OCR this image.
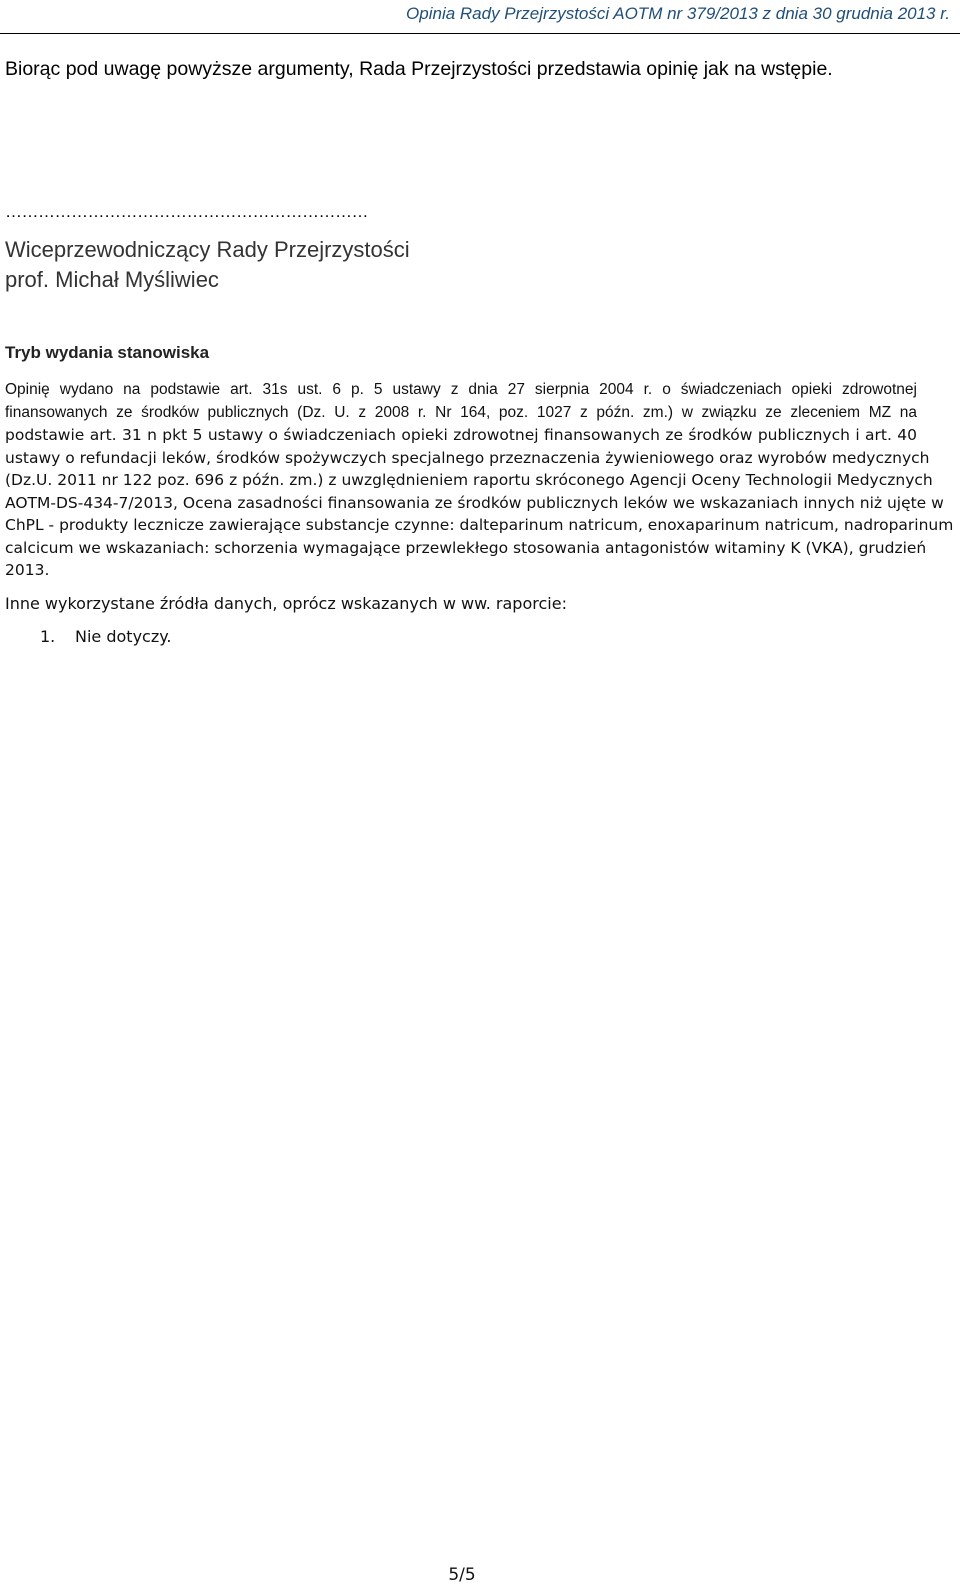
Opinia Rady Przejrzystości AOTM nr 379/2013 z dnia 30 grudnia 2013 r.
Biorąc pod uwagę powyższe argumenty, Rada Przejrzystości przedstawia opinię jak na wstępie.
…………………………………………………………
Wiceprzewodniczący Rady Przejrzystości
prof. Michał Myśliwiec
Tryb wydania stanowiska
Opinię wydano na podstawie art. 31s ust. 6 p. 5 ustawy z dnia 27 sierpnia 2004 r. o świadczeniach opieki zdrowotnej
finansowanych ze środków publicznych (Dz. U. z 2008 r. Nr 164, poz. 1027 z późn. zm.) w związku ze zleceniem MZ na
podstawie art. 31 n pkt 5 ustawy o świadczeniach opieki zdrowotnej finansowanych ze środków publicznych i art. 40
ustawy o refundacji leków, środków spożywczych specjalnego przeznaczenia żywieniowego oraz wyrobów medycznych
(Dz.U. 2011 nr 122 poz. 696 z późn. zm.) z uwzględnieniem raportu skróconego Agencji Oceny Technologii Medycznych
AOTM-DS-434-7/2013, Ocena zasadności finansowania ze środków publicznych leków we wskazaniach innych niż ujęte w
ChPL - produkty lecznicze zawierające substancje czynne: dalteparinum natricum, enoxaparinum natricum, nadroparinum
calcicum we wskazaniach: schorzenia wymagające przewlekłego stosowania antagonistów witaminy K (VKA), grudzień
2013.
Inne wykorzystane źródła danych, oprócz wskazanych w ww. raporcie:
1. Nie dotyczy.
5/5
